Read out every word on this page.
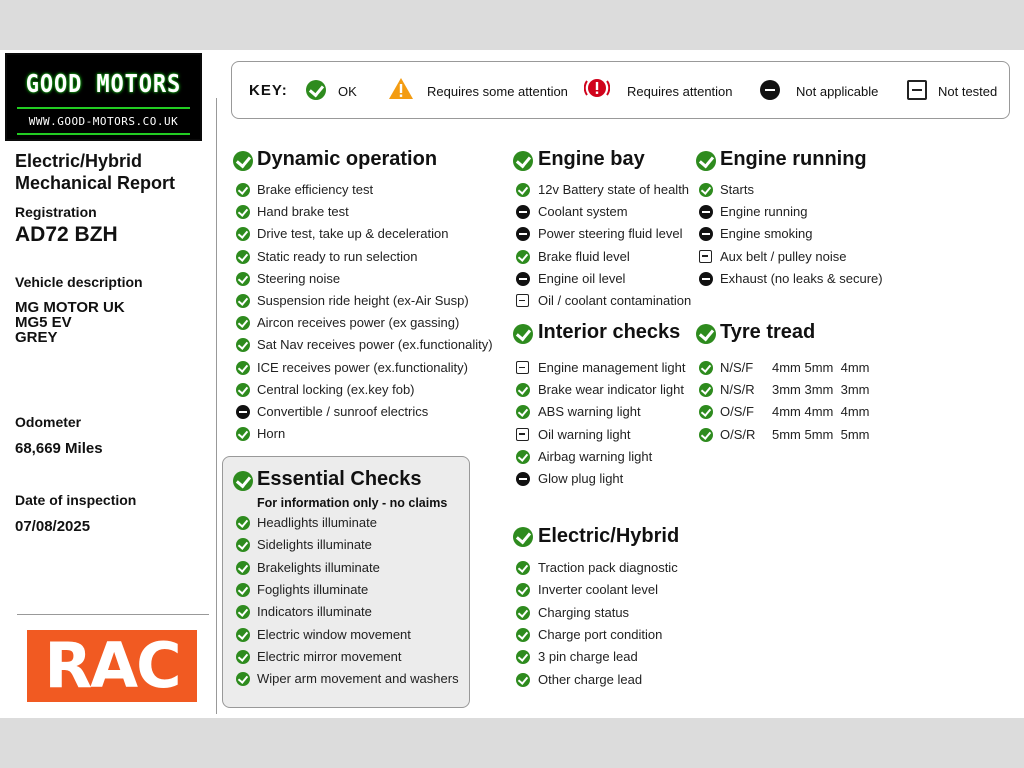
GOOD MOTORS
WWW.GOOD-MOTORS.CO.UK
Electric/Hybrid
Mechanical Report
Registration
AD72 BZH
Vehicle description
MG MOTOR UK
MG5 EV
GREY
Odometer
68,669 Miles
Date of inspection
07/08/2025
RAC
KEY:	OK	Requires some attention	Requires attention	Not applicable	Not tested
Dynamic operation
Essential Checks
For information only - no claims
Engine bay
Interior checks
Electric/Hybrid
Engine running
Tyre tread
Brake efficiency test
Hand brake test
Drive test, take up & deceleration
Static ready to run selection
Steering noise
Suspension ride height (ex-Air Susp)
Aircon receives power (ex gassing)
Sat Nav receives power (ex.functionality)
ICE receives power (ex.functionality)
Central locking (ex.key fob)
Convertible / sunroof electrics
Horn
Headlights illuminate
Sidelights illuminate
Brakelights illuminate
Foglights illuminate
Indicators illuminate
Electric window movement
Electric mirror movement
Wiper arm movement and washers
12v Battery state of health
Coolant system
Power steering fluid level
Brake fluid level
Engine oil level
Oil / coolant contamination
Engine management light
Brake wear indicator light
ABS warning light
Oil warning light
Airbag warning light
Glow plug light
Traction pack diagnostic
Inverter coolant level
Charging status
Charge port condition
3 pin charge lead
Other charge lead
Starts
Engine running
Engine smoking
Aux belt / pulley noise
Exhaust (no leaks & secure)
N/S/F 4mm 5mm  4mm
N/S/R 3mm 3mm  3mm
O/S/F 4mm 4mm  4mm
O/S/R 5mm 5mm  5mm
